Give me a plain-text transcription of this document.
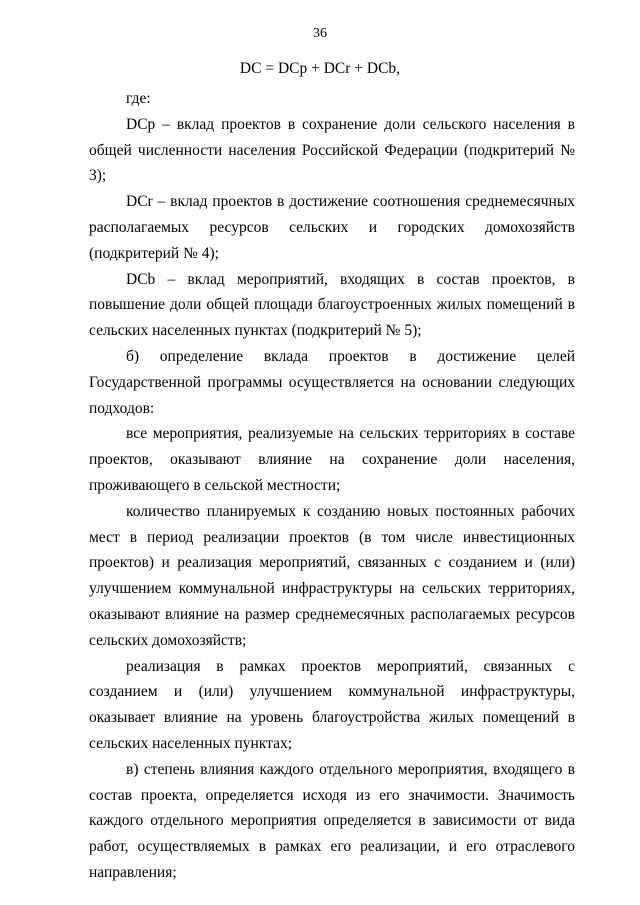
36
DC = DCp + DCr + DCb,

где:

DCp – вклад проектов в сохранение доли сельского населения в общей численности населения Российской Федерации (подкритерий № 3);

DCr – вклад проектов в достижение соотношения среднемесячных располагаемых ресурсов сельских и городских домохозяйств (подкритерий № 4);

DCb – вклад мероприятий, входящих в состав проектов, в повышение доли общей площади благоустроенных жилых помещений в сельских населенных пунктах (подкритерий № 5);

б) определение вклада проектов в достижение целей Государственной программы осуществляется на основании следующих подходов:

все мероприятия, реализуемые на сельских территориях в составе проектов, оказывают влияние на сохранение доли населения, проживающего в сельской местности;

количество планируемых к созданию новых постоянных рабочих мест в период реализации проектов (в том числе инвестиционных проектов) и реализация мероприятий, связанных с созданием и (или) улучшением коммунальной инфраструктуры на сельских территориях, оказывают влияние на размер среднемесячных располагаемых ресурсов сельских домохозяйств;

реализация в рамках проектов мероприятий, связанных с созданием и (или) улучшением коммунальной инфраструктуры, оказывает влияние на уровень благоустройства жилых помещений в сельских населенных пунктах;

в) степень влияния каждого отдельного мероприятия, входящего в состав проекта, определяется исходя из его значимости. Значимость каждого отдельного мероприятия определяется в зависимости от вида работ, осуществляемых в рамках его реализации, и его отраслевого направления;
